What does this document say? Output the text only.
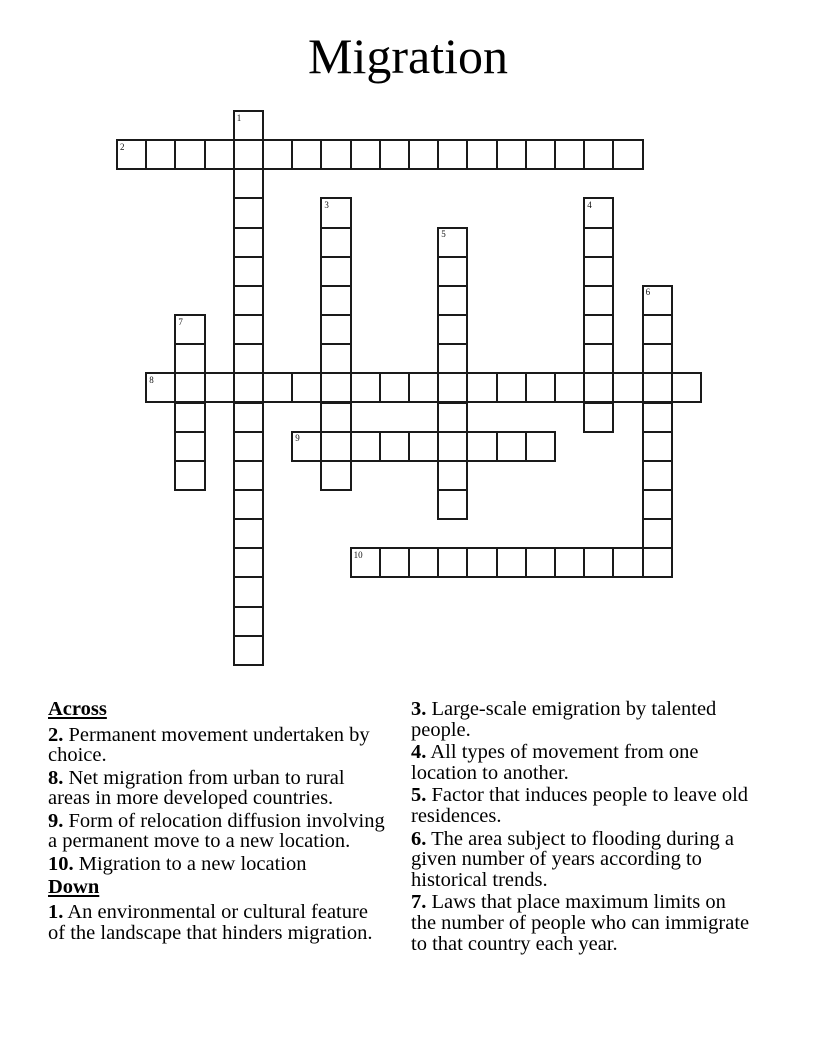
Migration
1
2
3	4
5
6
7
8
9
10
Across

2. Permanent movement undertaken by choice.

8. Net migration from urban to rural areas in more developed countries.

9. Form of relocation diffusion involving a permanent move to a new location.

10. Migration to a new location

Down

1. An environmental or cultural feature of the landscape that hinders migration.

3. Large-scale emigration by talented people.

4. All types of movement from one location to another.

5. Factor that induces people to leave old residences.

6. The area subject to flooding during a given number of years according to historical trends.

7. Laws that place maximum limits on the number of people who can immigrate to that country each year.
